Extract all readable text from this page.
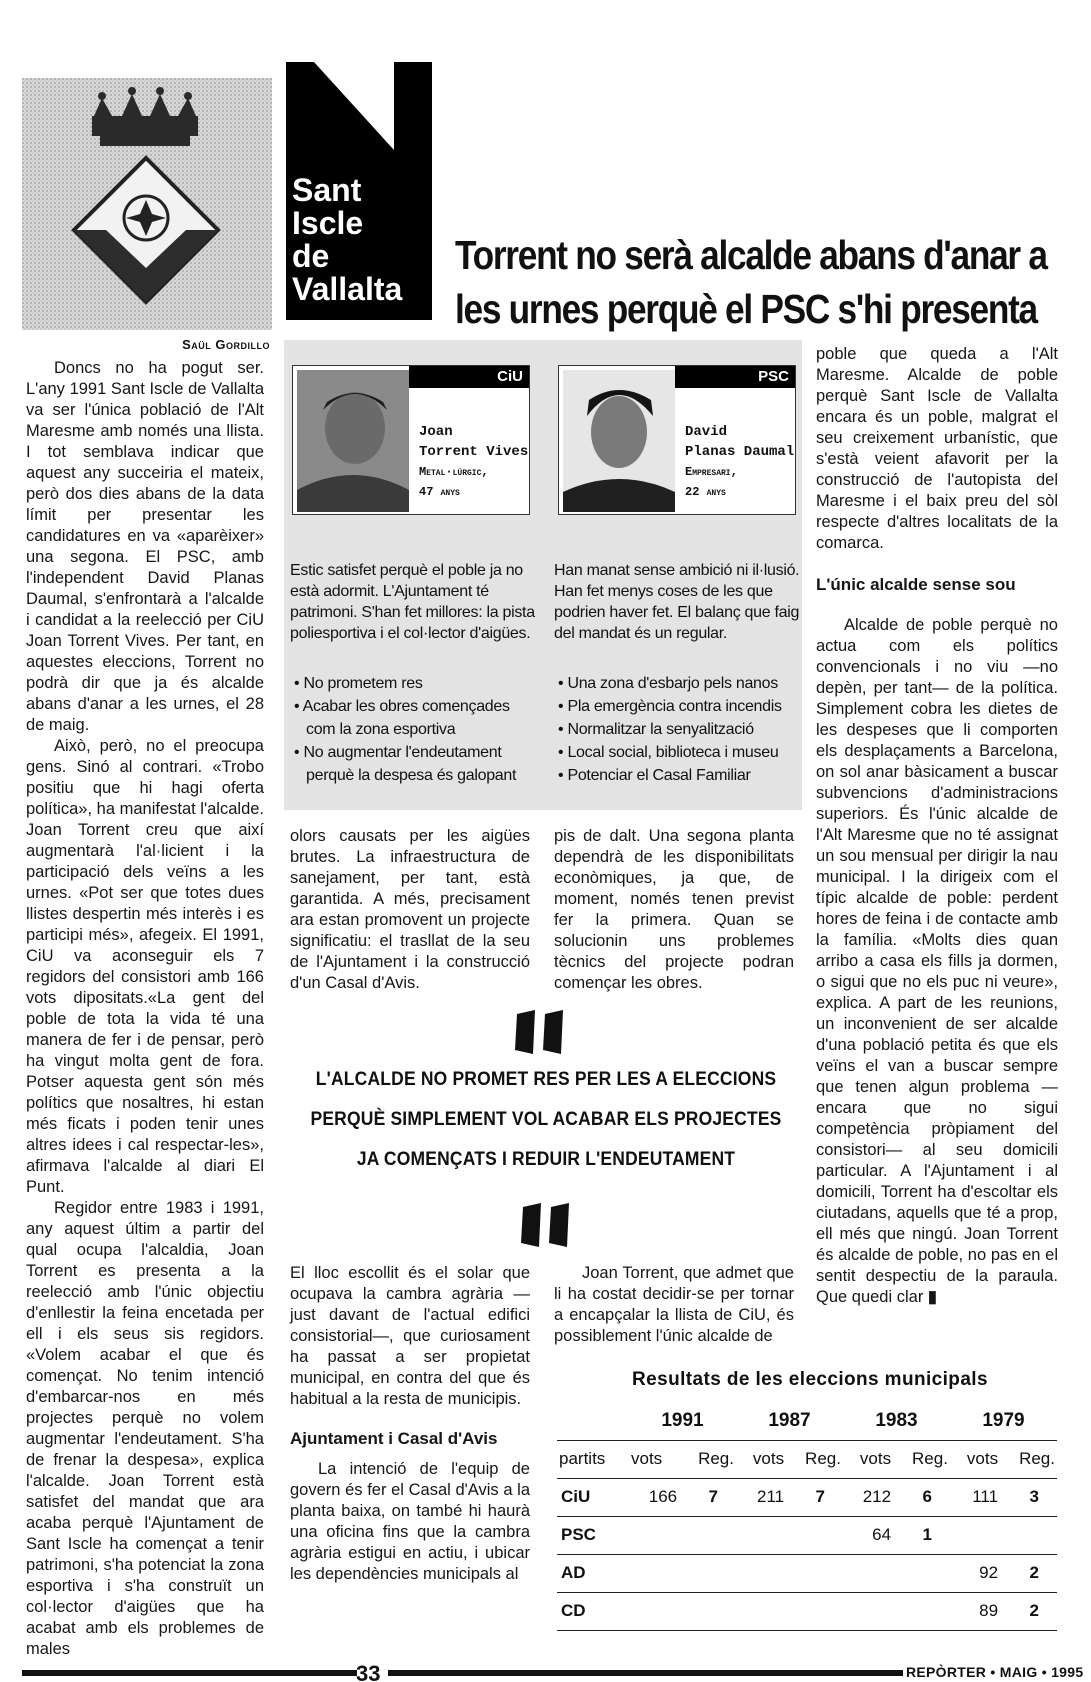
Sant
Iscle
de
Vallalta
Torrent no serà alcalde abans d'anar a les urnes perquè el PSC s'hi presenta
Saül Gordillo

Doncs no ha pogut ser. L'any 1991 Sant Iscle de Vallalta va ser l'única població de l'Alt Maresme amb només una llista. I tot semblava indicar que aquest any succeiria el mateix, però dos dies abans de la data límit per presentar les candidatures en va «aparèixer» una segona. El PSC, amb l'independent David Planas Daumal, s'enfrontarà a l'alcalde i candidat a la reelecció per CiU Joan Torrent Vives. Per tant, en aquestes eleccions, Torrent no podrà dir que ja és alcalde abans d'anar a les urnes, el 28 de maig.

Això, però, no el preocupa gens. Sinó al contrari. «Trobo positiu que hi hagi oferta política», ha manifestat l'alcalde. Joan Torrent creu que així augmentarà l'al·licient i la participació dels veïns a les urnes. «Pot ser que totes dues llistes despertin més interès i es participi més», afegeix. El 1991, CiU va aconseguir els 7 regidors del consistori amb 166 vots dipositats.«La gent del poble de tota la vida té una manera de fer i de pensar, però ha vingut molta gent de fora. Potser aquesta gent són més polítics que nosaltres, hi estan més ficats i poden tenir unes altres idees i cal respectar-les», afirmava l'alcalde al diari El Punt.

Regidor entre 1983 i 1991, any aquest últim a partir del qual ocupa l'alcaldia, Joan Torrent es presenta a la reelecció amb l'únic objectiu d'enllestir la feina encetada per ell i els seus sis regidors. «Volem acabar el que és començat. No tenim intenció d'embarcar-nos en més projectes perquè no volem augmentar l'endeutament. S'ha de frenar la despesa», explica l'alcalde. Joan Torrent està satisfet del mandat que ara acaba perquè l'Ajuntament de Sant Iscle ha començat a tenir patrimoni, s'ha potenciat la zona esportiva i s'ha construït un col·lector d'aigües que ha acabat amb els problemes de males

CiU
Joan
Torrent Vives
Metal·lúrgic,
47 anys
PSC
David
Planas Daumal
Empresari,
22 anys

Estic satisfet perquè el poble ja no està adormit. L'Ajuntament té patrimoni. S'han fet millores: la pista poliesportiva i el col·lector d'aigües.

Han manat sense ambició ni il·lusió. Han fet menys coses de les que podrien haver fet. El balanç que faig del mandat és un regular.

• No prometem res
• Acabar les obres començades com la zona esportiva
• No augmentar l'endeutament perquè la despesa és galopant
• Una zona d'esbarjo pels nanos
• Pla emergència contra incendis
• Normalitzar la senyalització
• Local social, biblioteca i museu
• Potenciar el Casal Familiar

olors causats per les aigües brutes. La infraestructura de sanejament, per tant, està garantida. A més, precisament ara estan promovent un projecte significatiu: el trasllat de la seu de l'Ajuntament i la construcció d'un Casal d'Avis.

pis de dalt. Una segona planta dependrà de les disponibilitats econòmiques, ja que, de moment, només tenen previst fer la primera. Quan se solucionin uns problemes tècnics del projecte podran començar les obres.

L'ALCALDE NO PROMET RES PER LES A ELECCIONS PERQUÈ SIMPLEMENT VOL ACABAR ELS PROJECTES JA COMENÇATS I REDUIR L'ENDEUTAMENT

El lloc escollit és el solar que ocupava la cambra agrària —just davant de l'actual edifici consistorial—, que curiosament ha passat a ser propietat municipal, en contra del que és habitual a la resta de municipis.

Ajuntament i Casal d'Avis

La intenció de l'equip de govern és fer el Casal d'Avis a la planta baixa, on també hi haurà una oficina fins que la cambra agrària estigui en actiu, i ubicar les dependències municipals al

Joan Torrent, que admet que li ha costat decidir-se per tornar a encapçalar la llista de CiU, és possiblement l'únic alcalde de

poble que queda a l'Alt Maresme. Alcalde de poble perquè Sant Iscle de Vallalta encara és un poble, malgrat el seu creixement urbanístic, que s'està veient afavorit per la construcció de l'autopista del Maresme i el baix preu del sòl respecte d'altres localitats de la comarca.

L'únic alcalde sense sou

Alcalde de poble perquè no actua com els polítics convencionals i no viu —no depèn, per tant— de la política. Simplement cobra les dietes de les despeses que li comporten els desplaçaments a Barcelona, on sol anar bàsicament a buscar subvencions d'administracions superiors. És l'únic alcalde de l'Alt Maresme que no té assignat un sou mensual per dirigir la nau municipal. I la dirigeix com el típic alcalde de poble: perdent hores de feina i de contacte amb la família. «Molts dies quan arribo a casa els fills ja dormen, o sigui que no els puc ni veure», explica. A part de les reunions, un inconvenient de ser alcalde d'una població petita és que els veïns el van a buscar sempre que tenen algun problema —encara que no sigui competència pròpiament del consistori— al seu domicili particular. A l'Ajuntament i al domicili, Torrent ha d'escoltar els ciutadans, aquells que té a prop, ell més que ningú. Joan Torrent és alcalde de poble, no pas en el sentit despectiu de la paraula. Que quedi clar ▮

Resultats de les eleccions municipals
	1991		1987		1983		1979	
partits	vots	Reg.	vots	Reg.	vots	Reg.	vots	Reg.
CiU	166	7	211	7	212	6	111	3
PSC					64	1		
AD							92	2
CD							89	2
33	REPÒRTER • MAIG • 1995
